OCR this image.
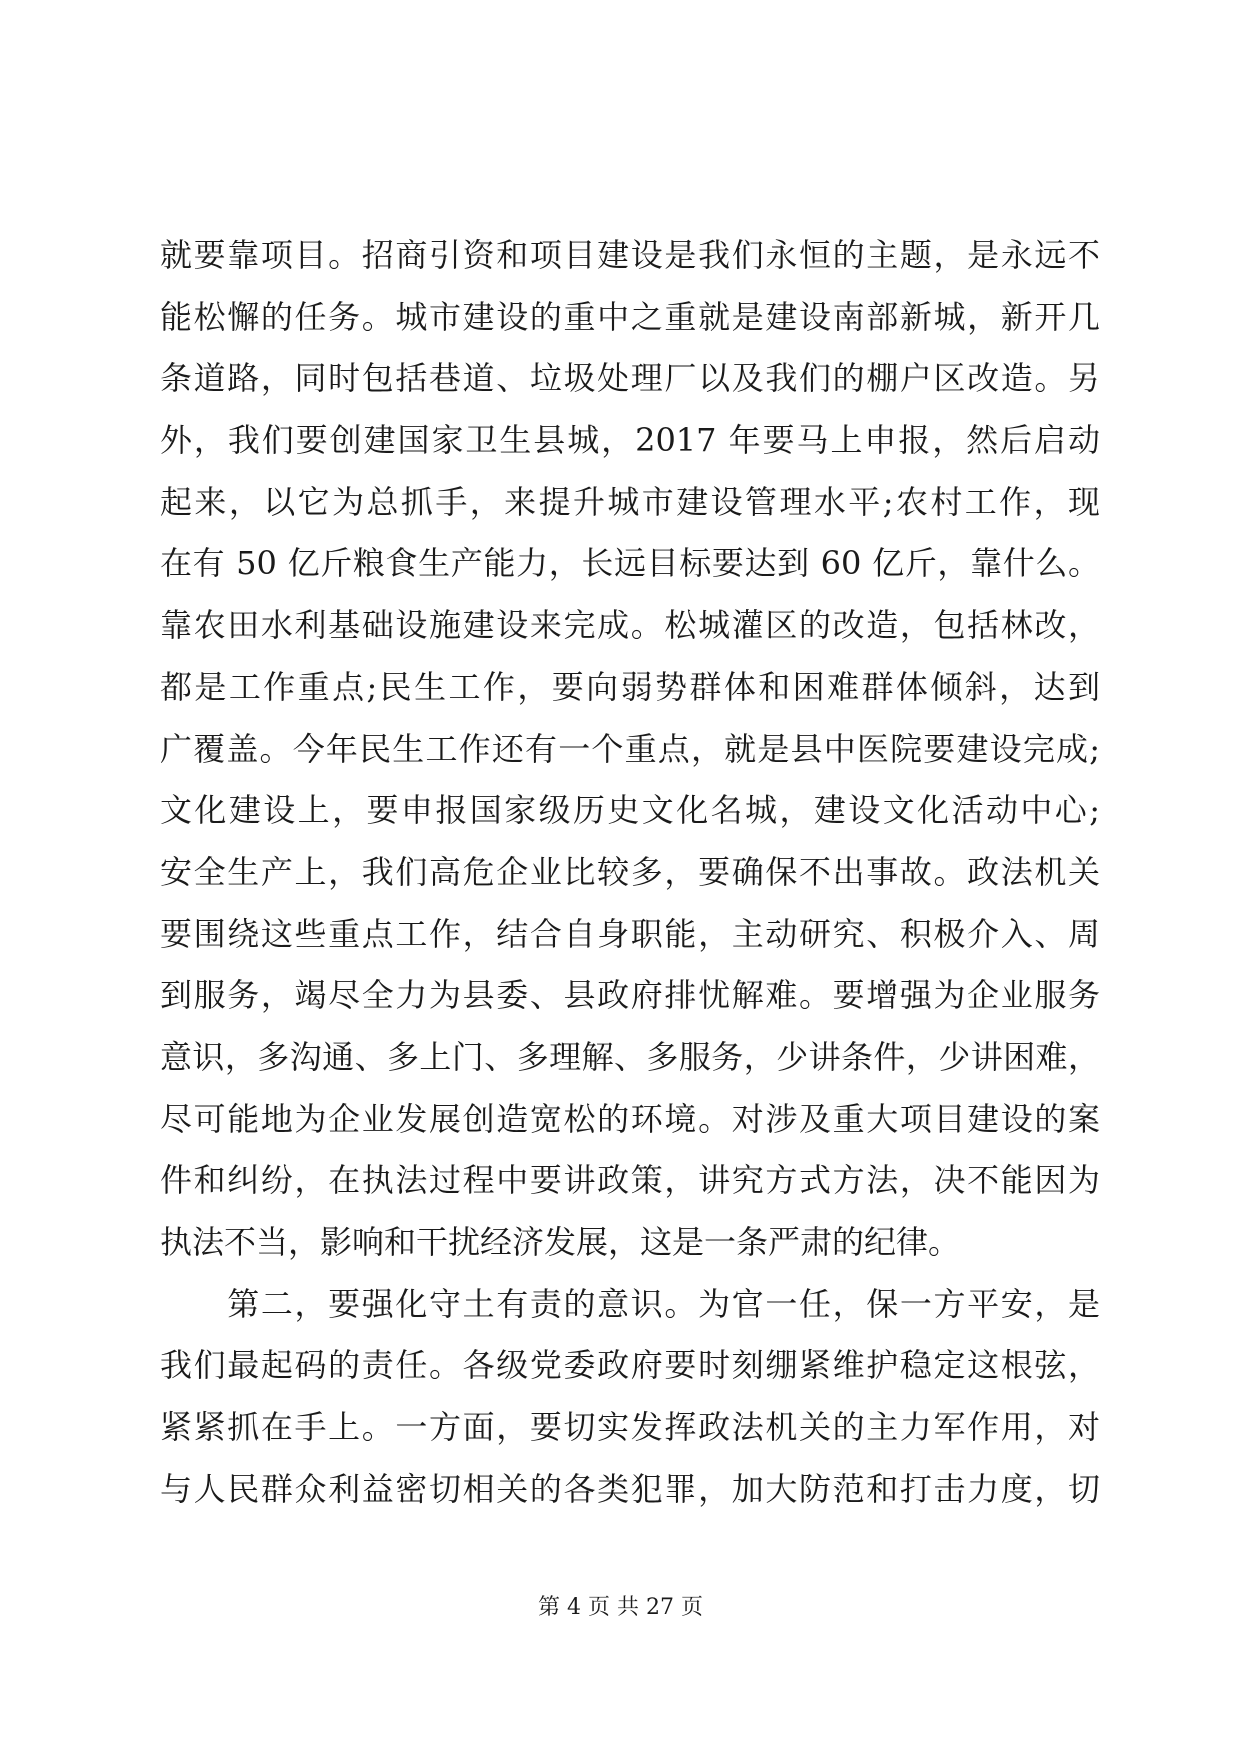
就要靠项目。招商引资和项目建设是我们永恒的主题，是永远不
能松懈的任务。城市建设的重中之重就是建设南部新城，新开几
条道路，同时包括巷道、垃圾处理厂以及我们的棚户区改造。另
外，我们要创建国家卫生县城，2017 年要马上申报，然后启动
起来，以它为总抓手，来提升城市建设管理水平;农村工作，现
在有 50 亿斤粮食生产能力，长远目标要达到 60 亿斤，靠什么。
靠农田水利基础设施建设来完成。松城灌区的改造，包括林改，
都是工作重点;民生工作，要向弱势群体和困难群体倾斜，达到
广覆盖。今年民生工作还有一个重点，就是县中医院要建设完成;
文化建设上，要申报国家级历史文化名城，建设文化活动中心;
安全生产上，我们高危企业比较多，要确保不出事故。政法机关
要围绕这些重点工作，结合自身职能，主动研究、积极介入、周
到服务，竭尽全力为县委、县政府排忧解难。要增强为企业服务
意识，多沟通、多上门、多理解、多服务，少讲条件，少讲困难，
尽可能地为企业发展创造宽松的环境。对涉及重大项目建设的案
件和纠纷，在执法过程中要讲政策，讲究方式方法，决不能因为
执法不当，影响和干扰经济发展，这是一条严肃的纪律。
　　第二，要强化守土有责的意识。为官一任，保一方平安，是
我们最起码的责任。各级党委政府要时刻绷紧维护稳定这根弦，
紧紧抓在手上。一方面，要切实发挥政法机关的主力军作用，对
与人民群众利益密切相关的各类犯罪，加大防范和打击力度，切
第 4 页 共 27 页
